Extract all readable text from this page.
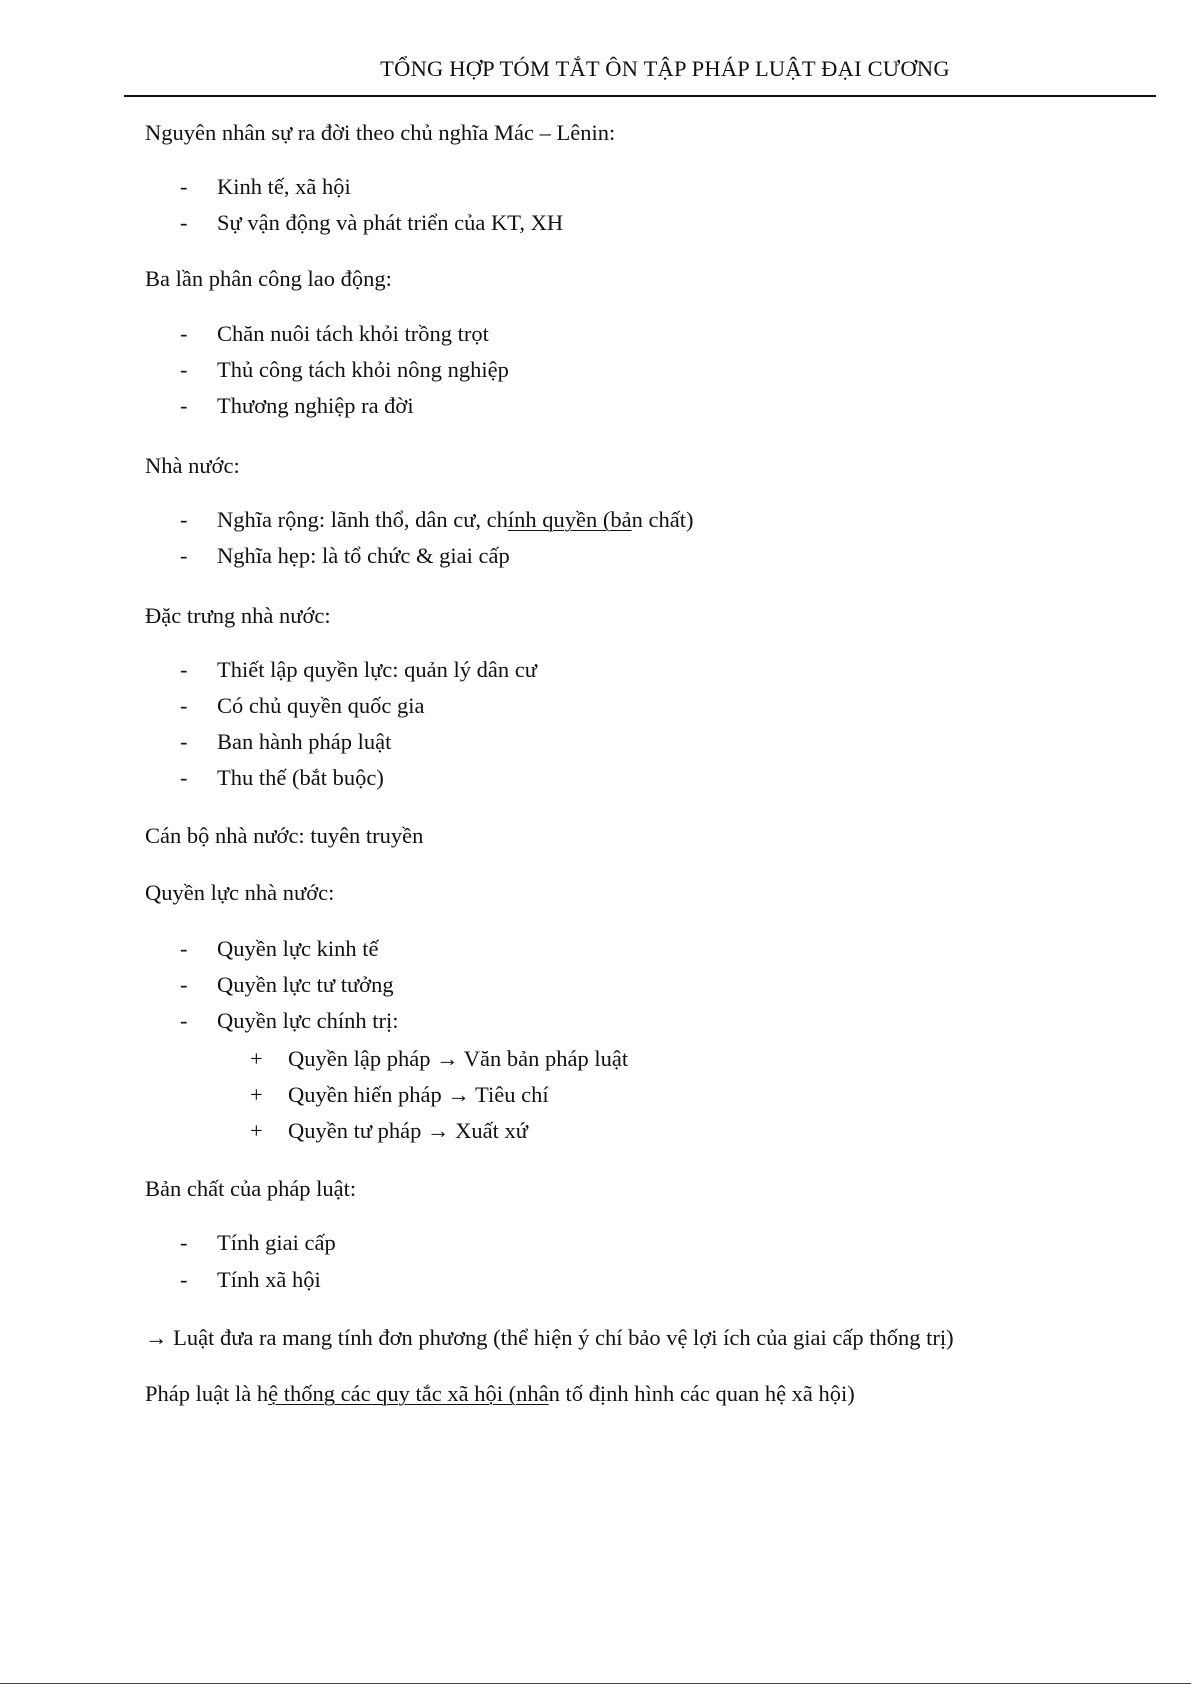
TỔNG HỢP TÓM TẮT ÔN TẬP PHÁP LUẬT ĐẠI CƯƠNG
Nguyên nhân sự ra đời theo chủ nghĩa Mác – Lênin:
- Kinh tế, xã hội
- Sự vận động và phát triển của KT, XH
Ba lần phân công lao động:
- Chăn nuôi tách khỏi trồng trọt
- Thủ công tách khỏi nông nghiệp
- Thương nghiệp ra đời
Nhà nước:
- Nghĩa rộng: lãnh thổ, dân cư, chính quyền (bản chất)
- Nghĩa hẹp: là tổ chức & giai cấp
Đặc trưng nhà nước:
- Thiết lập quyền lực: quản lý dân cư
- Có chủ quyền quốc gia
- Ban hành pháp luật
- Thu thế (bắt buộc)
Cán bộ nhà nước: tuyên truyền
Quyền lực nhà nước:
- Quyền lực kinh tế
- Quyền lực tư tưởng
- Quyền lực chính trị:
+ Quyền lập pháp → Văn bản pháp luật
+ Quyền hiến pháp → Tiêu chí
+ Quyền tư pháp → Xuất xứ
Bản chất của pháp luật:
- Tính giai cấp
- Tính xã hội
→ Luật đưa ra mang tính đơn phương (thể hiện ý chí bảo vệ lợi ích của giai cấp thống trị)
Pháp luật là hệ thống các quy tắc xã hội (nhân tố định hình các quan hệ xã hội)
